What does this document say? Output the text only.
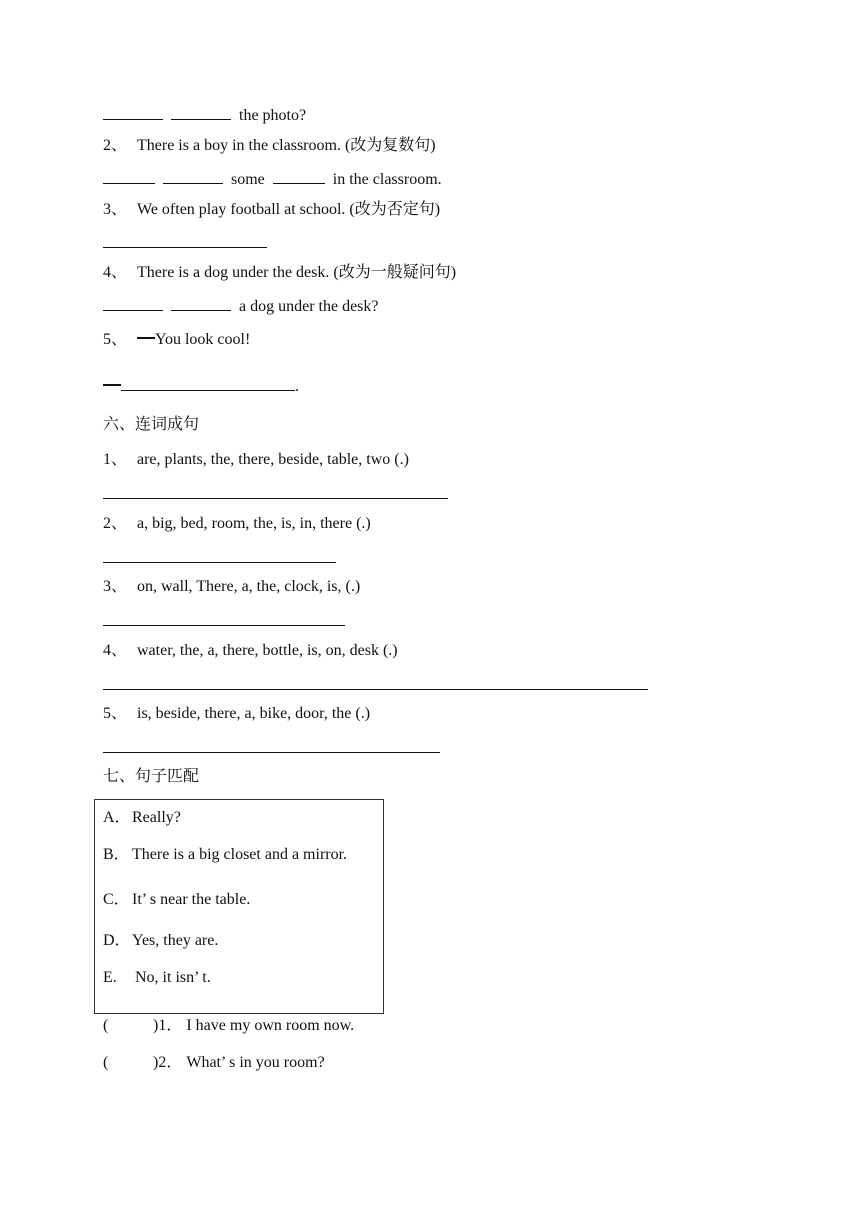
the photo?
2、 There is a boy in the classroom. (改为复数句)
some	in the classroom.
3、 We often play football at school. (改为否定句)
4、 There is a dog under the desk. (改为一般疑问句)
a dog under the desk?
5、 You look cool!
.
六、连词成句
1、 are, plants, the, there, beside, table, two (.)
2、 a, big, bed, room, the, is, in, there (.)
3、 on, wall, There, a, the, clock, is, (.)
4、 water, the, a, there, bottle, is, on, desk (.)
5、 is, beside, there, a, bike, door, the (.)
七、句子匹配
A．Really?
B． There is a big closet and a mirror.
C． It’ s near the table.
D．Yes, they are.
E. No, it isn’ t.
(	)1． I have my own room now.
(	)2． What’ s in you room?
